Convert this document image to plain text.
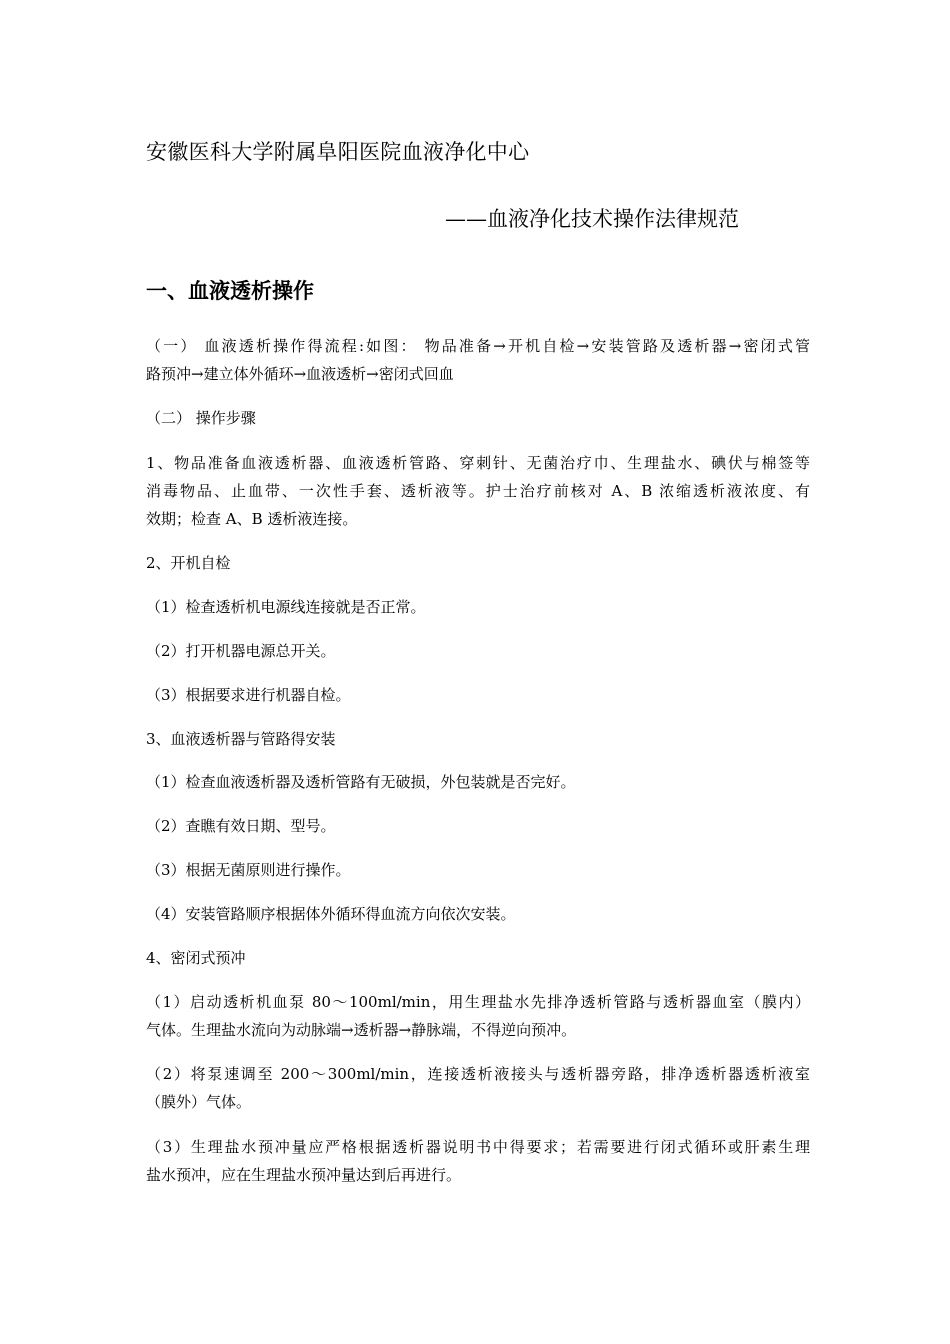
安徽医科大学附属阜阳医院血液净化中心
——血液净化技术操作法律规范
一、血液透析操作
（一） 血液透析操作得流程:如图： 物品准备→开机自检→安装管路及透析器→密闭式管
路预冲→建立体外循环→血液透析→密闭式回血
（二） 操作步骤
1、物品准备血液透析器、血液透析管路、穿刺针、无菌治疗巾、生理盐水、碘伏与棉签等
消毒物品、止血带、一次性手套、透析液等。护士治疗前核对 A、B 浓缩透析液浓度、有
效期；检查 A、B 透析液连接。
2、开机自检
（1）检查透析机电源线连接就是否正常。
（2）打开机器电源总开关。
（3）根据要求进行机器自检。
3、血液透析器与管路得安装
（1）检查血液透析器及透析管路有无破损，外包装就是否完好。
（2）查瞧有效日期、型号。
（3）根据无菌原则进行操作。
（4）安装管路顺序根据体外循环得血流方向依次安装。
4、密闭式预冲
（1）启动透析机血泵 80～100ml/min，用生理盐水先排净透析管路与透析器血室（膜内）
气体。生理盐水流向为动脉端→透析器→静脉端，不得逆向预冲。
（2）将泵速调至 200～300ml/min，连接透析液接头与透析器旁路，排净透析器透析液室
（膜外）气体。
（3）生理盐水预冲量应严格根据透析器说明书中得要求；若需要进行闭式循环或肝素生理
盐水预冲，应在生理盐水预冲量达到后再进行。
